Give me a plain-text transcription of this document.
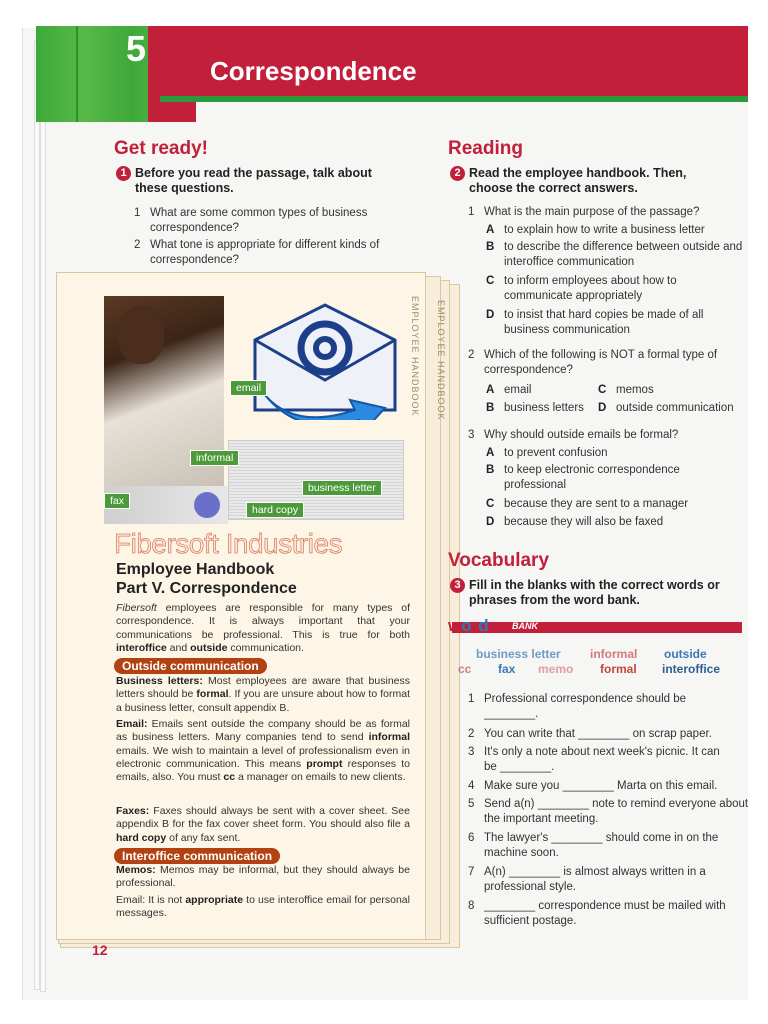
5
Correspondence
Get ready!
1 Before you read the passage, talk about these questions.
1 What are some common types of business correspondence?
2 What tone is appropriate for different kinds of correspondence?
EMPLOYEE HANDBOOK EMPLOYEE HANDBOOK
email
informal
fax
hard copy
business letter
Fibersoft Industries
Employee Handbook
Part V. Correspondence
Fibersoft employees are responsible for many types of correspondence. It is always important that your communications be professional. This is true for both interoffice and outside communication.
Outside communication
Business letters: Most employees are aware that business letters should be formal. If you are unsure about how to format a business letter, consult appendix B.
Email: Emails sent outside the company should be as formal as business letters. Many companies tend to send informal emails. We wish to maintain a level of professionalism even in electronic communication. This means prompt responses to emails, also. You must cc a manager on emails to new clients.
Faxes: Faxes should always be sent with a cover sheet. See appendix B for the fax cover sheet form. You should also file a hard copy of any fax sent.
Interoffice communication
Memos: Memos may be informal, but they should always be professional.
Email: It is not appropriate to use interoffice email for personal messages.
Reading
2 Read the employee handbook. Then, choose the correct answers.
1 What is the main purpose of the passage?
A to explain how to write a business letter
B to describe the difference between outside and interoffice communication
C to inform employees about how to communicate appropriately
D to insist that hard copies be made of all business communication
2 Which of the following is NOT a formal type of correspondence?
A email	C memos
B business letters	D outside communication
3 Why should outside emails be formal?
A to prevent confusion
B to keep electronic correspondence professional
C because they are sent to a manager
D because they will also be faxed
Vocabulary
3 Fill in the blanks with the correct words or phrases from the word bank.
word	BANK
business letter informal outside
cc fax memo formal interoffice
1 Professional correspondence should be ________.
2 You can write that ________ on scrap paper.
3 It's only a note about next week's picnic. It can be ________.
4 Make sure you ________ Marta on this email.
5 Send a(n) ________ note to remind everyone about the important meeting.
6 The lawyer's ________ should come in on the machine soon.
7 A(n) ________ is almost always written in a professional style.
8 ________ correspondence must be mailed with sufficient postage.
12
